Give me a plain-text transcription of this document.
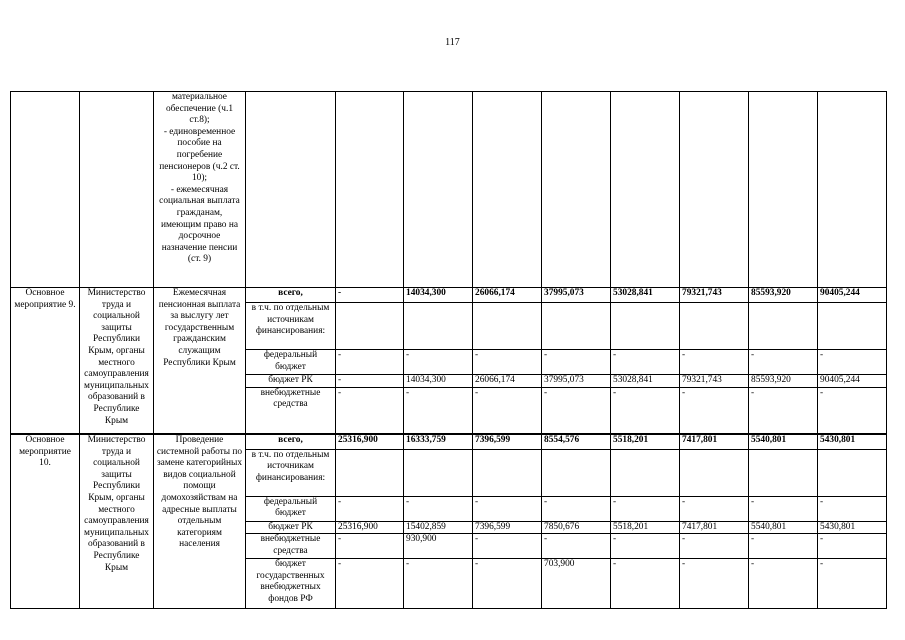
117
		материальное обеспечение (ч.1 ст.8);
- единовременное пособие на погребение пенсионеров (ч.2 ст. 10);
- ежемесячная социальная выплата гражданам, имеющим право на досрочное назначение пенсии (ст. 9)									
Основное мероприятие 9.	Министерство труда и социальной защиты Республики Крым, органы местного самоуправления муниципальных образований в Республике Крым	Ежемесячная пенсионная выплата за выслугу лет государственным гражданским служащим Республики Крым	всего,	-	14034,300	26066,174	37995,073	53028,841	79321,743	85593,920	90405,244
			в т.ч. по отдельным источникам финансирования:								
			федеральный бюджет	-	-	-	-	-	-	-	-
			бюджет РК	-	14034,300	26066,174	37995,073	53028,841	79321,743	85593,920	90405,244
			внебюджетные средства	-	-	-	-	-	-	-	-
Основное мероприятие 10.	Министерство труда и социальной защиты Республики Крым, органы местного самоуправления муниципальных образований в Республике Крым	Проведение системной работы по замене категорийных видов социальной помощи домохозяйствам на адресные выплаты отдельным категориям населения	всего,	25316,900	16333,759	7396,599	8554,576	5518,201	7417,801	5540,801	5430,801
			в т.ч. по отдельным источникам финансирования:								
			федеральный бюджет	-	-	-	-	-	-	-	-
			бюджет РК	25316,900	15402,859	7396,599	7850,676	5518,201	7417,801	5540,801	5430,801
			внебюджетные средства	-	930,900	-	-	-	-	-	-
			бюджет государственных внебюджетных фондов РФ	-	-	-	703,900	-	-	-	-
